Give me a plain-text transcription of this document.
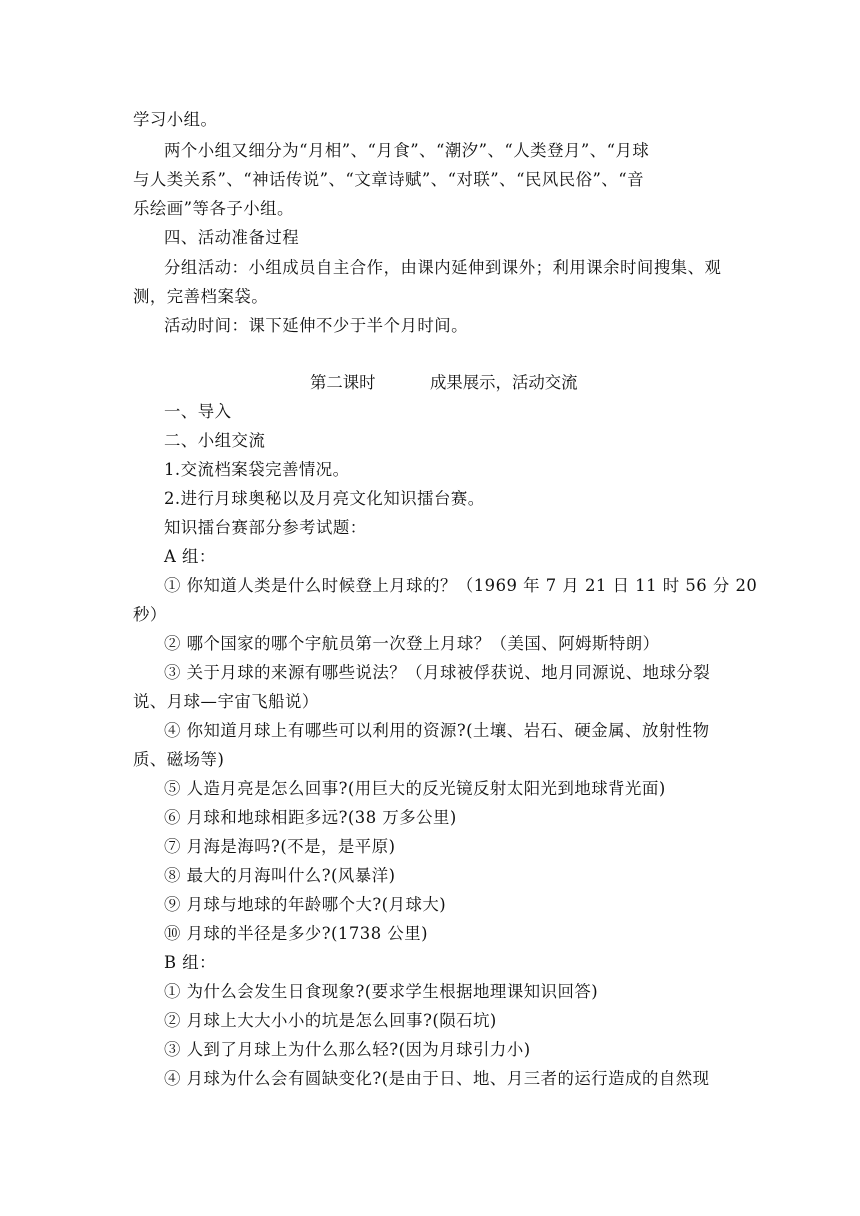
学习小组。
两个小组又细分为“月相”、“月食”、“潮汐”、“人类登月”、“月球
与人类关系”、“神话传说”、“文章诗赋”、“对联”、“民风民俗”、“音
乐绘画”等各子小组。
四、活动准备过程
分组活动：小组成员自主合作，由课内延伸到课外；利用课余时间搜集、观
测，完善档案袋。
活动时间：课下延伸不少于半个月时间。
第二课时	成果展示，活动交流
一、导入
二、小组交流
1.交流档案袋完善情况。
2.进行月球奥秘以及月亮文化知识擂台赛。
知识擂台赛部分参考试题：
A 组：
① 你知道人类是什么时候登上月球的？（1969 年 7 月 21 日 11 时 56 分 20
秒）
② 哪个国家的哪个宇航员第一次登上月球？（美国、阿姆斯特朗）
③ 关于月球的来源有哪些说法？（月球被俘获说、地月同源说、地球分裂
说、月球—宇宙飞船说）
④ 你知道月球上有哪些可以利用的资源?(土壤、岩石、硬金属、放射性物
质、磁场等)
⑤ 人造月亮是怎么回事?(用巨大的反光镜反射太阳光到地球背光面)
⑥ 月球和地球相距多远?(38 万多公里)
⑦ 月海是海吗?(不是，是平原)
⑧ 最大的月海叫什么?(风暴洋)
⑨ 月球与地球的年龄哪个大?(月球大)
⑩ 月球的半径是多少?(1738 公里)
B 组：
① 为什么会发生日食现象?(要求学生根据地理课知识回答)
② 月球上大大小小的坑是怎么回事?(陨石坑)
③ 人到了月球上为什么那么轻?(因为月球引力小)
④ 月球为什么会有圆缺变化?(是由于日、地、月三者的运行造成的自然现
